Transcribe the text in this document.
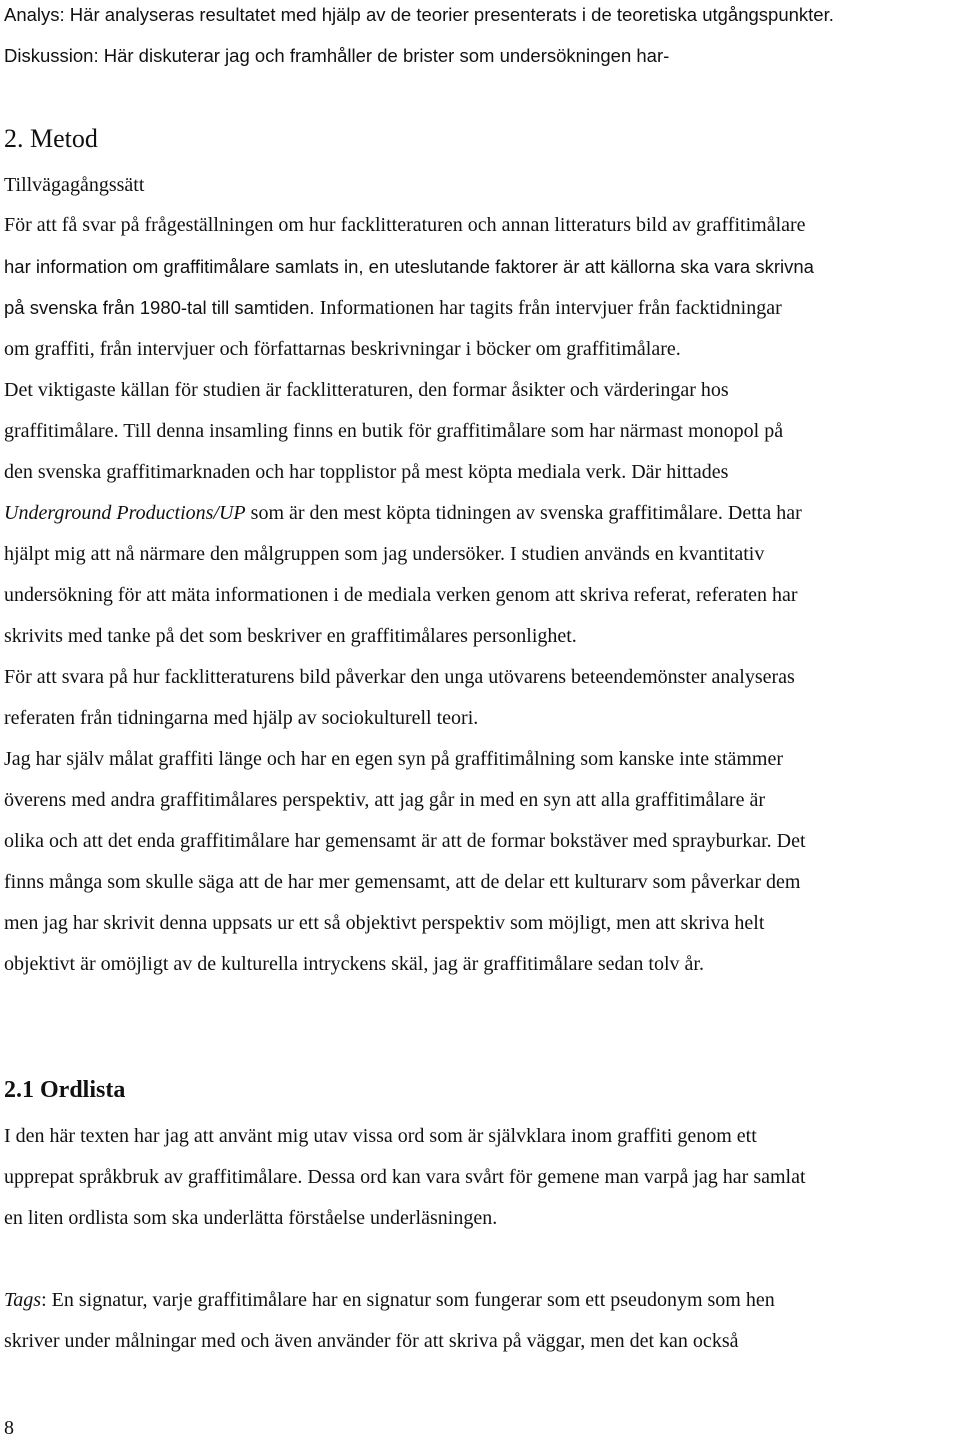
Analys: Här analyseras resultatet med hjälp av de teorier presenterats i de teoretiska utgångspunkter.
Diskussion: Här diskuterar jag och framhåller de brister som undersökningen har-
2. Metod
Tillvägagångssätt
För att få svar på frågeställningen om hur facklitteraturen och annan litteraturs bild av graffitimålare
har information om graffitimålare samlats in, en uteslutande faktorer är att källorna ska vara skrivna
på svenska från 1980-tal till samtiden. Informationen har tagits från intervjuer från facktidningar
om graffiti, från intervjuer och författarnas beskrivningar i böcker om graffitimålare.
Det viktigaste källan för studien är facklitteraturen, den formar åsikter och värderingar hos
graffitimålare. Till denna insamling finns en butik för graffitimålare som har närmast monopol på
den svenska graffitimarknaden och har topplistor på mest köpta mediala verk. Där hittades
Underground Productions/UP som är den mest köpta tidningen av svenska graffitimålare. Detta har
hjälpt mig att nå närmare den målgruppen som jag undersöker. I studien används en kvantitativ
undersökning för att mäta informationen i de mediala verken genom att skriva referat, referaten har
skrivits med tanke på det som beskriver en graffitimålares personlighet.
För att svara på hur facklitteraturens bild påverkar den unga utövarens beteendemönster analyseras
referaten från tidningarna med hjälp av sociokulturell teori.
Jag har själv målat graffiti länge och har en egen syn på graffitimålning som kanske inte stämmer
överens med andra graffitimålares perspektiv, att jag går in med en syn att alla graffitimålare är
olika och att det enda graffitimålare har gemensamt är att de formar bokstäver med sprayburkar. Det
finns många som skulle säga att de har mer gemensamt, att de delar ett kulturarv som påverkar dem
men jag har skrivit denna uppsats ur ett så objektivt perspektiv som möjligt, men att skriva helt
objektivt är omöjligt av de kulturella intryckens skäl, jag är graffitimålare sedan tolv år.
2.1 Ordlista
I den här texten har jag att använt mig utav vissa ord som är självklara inom graffiti genom ett
upprepat språkbruk av graffitimålare. Dessa ord kan vara svårt för gemene man varpå jag har samlat
en liten ordlista som ska underlätta förståelse underläsningen.
Tags: En signatur, varje graffitimålare har en signatur som fungerar som ett pseudonym som hen
skriver under målningar med och även använder för att skriva på väggar, men det kan också
8
